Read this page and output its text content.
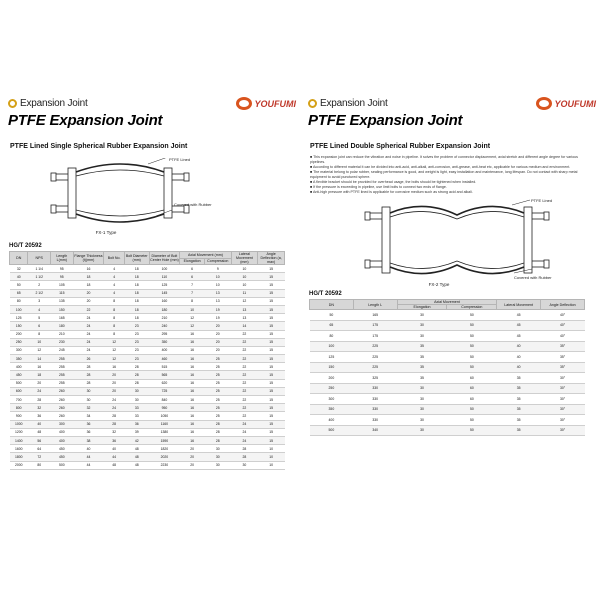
Expansion Joint	YOUFUMI
PTFE Expansion Joint
PTFE Lined Single Spherical Rubber Expansion Joint
PTFE Lined
Covered with Rubber
FX-1 Type
HG/T 20592
DN	NPS	Length L(mm)	Flange Thickness (t)(mm)	Bolt No.	Bolt Diameter (mm)	Diameter of Bolt Center Hole (mm)	Axial Movement (mm)		Lateral Movement (mm)	Angle Deflection (a, max)
							Elongation	Compression		
32	1 1/4	95	16	4	18	100	6	9	10	15
40	1 1/2	95	18	4	18	110	6	10	10	15
50	2	105	18	4	18	125	7	10	10	15
65	2 1/2	115	20	4	18	145	7	13	11	15
80	3	135	20	8	18	160	8	13	12	15
100	4	150	22	8	18	180	10	19	13	15
125	5	165	24	8	18	210	12	19	13	15
150	6	180	24	8	23	240	12	20	14	15
200	8	210	24	8	23	295	16	20	22	15
250	10	230	24	12	23	350	16	20	22	15
300	12	245	24	12	23	400	16	20	22	15
350	14	255	26	12	23	460	16	25	22	15
400	16	255	28	16	28	515	16	25	22	15
450	18	255	28	20	28	565	16	25	22	15
500	20	255	28	20	28	620	16	25	22	15
600	24	260	30	20	30	725	16	25	22	15
700	28	260	30	24	30	840	16	25	22	15
800	32	260	32	24	33	950	16	25	22	15
900	36	260	34	28	33	1050	16	25	22	15
1000	40	300	36	28	36	1160	16	28	24	15
1200	48	400	36	32	39	1380	16	28	24	15
1400	56	400	38	36	42	1590	16	28	24	15
1600	64	450	40	40	48	1820	20	30	28	10
1800	72	450	44	44	48	2020	20	30	28	10
2000	80	500	44	48	48	2230	20	30	30	10
Expansion Joint	YOUFUMI
PTFE Expansion Joint
PTFE Lined Double Spherical Rubber Expansion Joint
■ This expansion joint can reduce the vibration and noise in pipeline. It solves the problem of connector displacement, axial stretch and different angle degree for various pipelines.
■ According to different material it can be divided into anti-acid, anti-alkali, anti-corrosion, anti-grease, anti-heat etc, applicable for various medium and environment.
■ The material belong to polar rubber, sealing performance is good, and weight is light, easy installation and maintenance, long lifespan. Do not contact with sharp metal equipment to avoid punctured sphere.
■ A flexible bracket should be provided for overhead usage, the bolts should be tightened when installed.
■ If the pressure is exceeding in pipeline, use limit bolts to connect two ends of flange.
■ Anti-high pressure with PTFE lined is applicable for corrosive medium such as strong acid and alkali.
PTFE Lined
Covered with Rubber
FX-2 Type
HG/T 20592
DN	Length L	Axial Movement		Lateral Movement	Angle Deflection
		Elongation	Compression		
50	165	30	50	45	40°
65	175	30	50	45	40°
80	175	30	50	45	40°
100	225	35	50	40	35°
125	225	35	50	40	35°
150	225	35	50	40	35°
200	325	35	60	35	30°
250	330	30	60	35	30°
300	330	30	60	35	30°
350	330	30	50	35	30°
400	330	30	50	35	30°
500	340	30	50	35	30°
